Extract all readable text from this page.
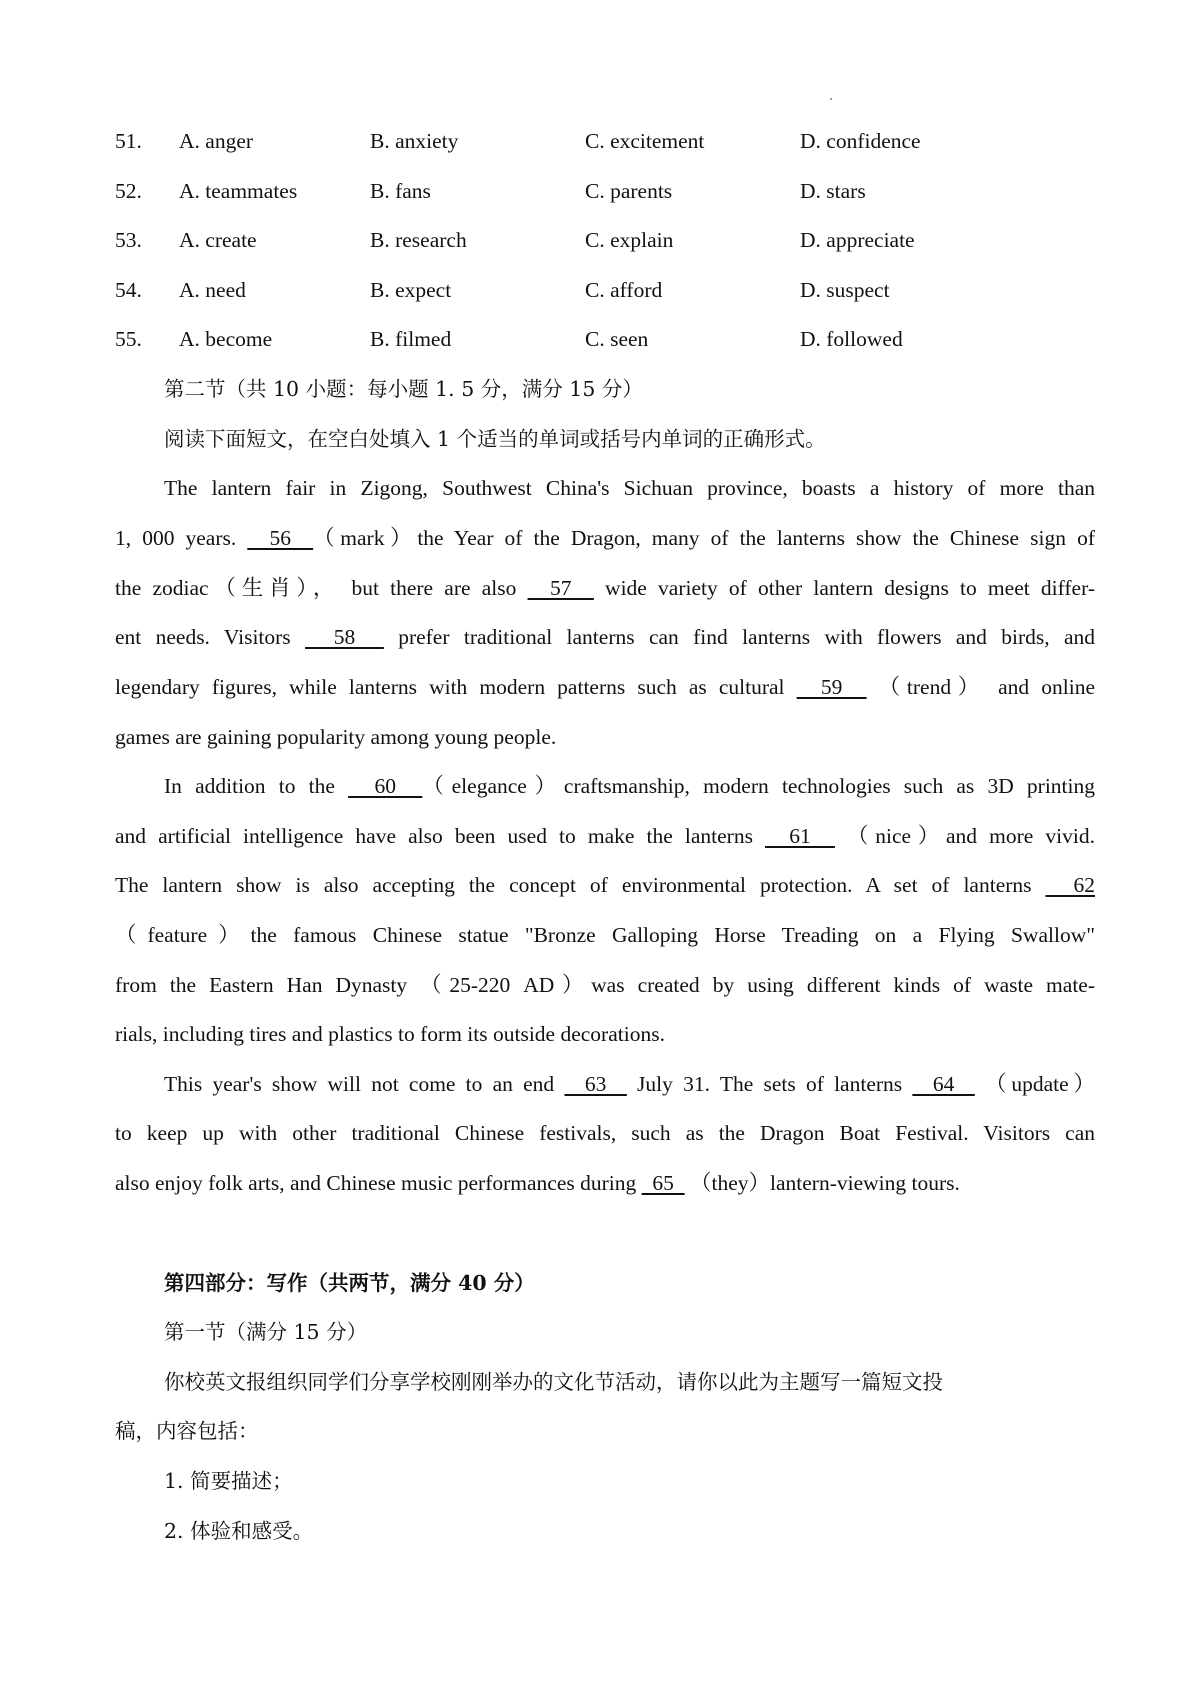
51. A. anger	B. anxiety	C. excitement	D. confidence
52. A. teammates	B. fans	C. parents	D. stars
53. A. create	B. research	C. explain	D. appreciate
54. A. need	B. expect	C. afford	D. suspect
55. A. become	B. filmed	C. seen	D. followed
第二节（共 10 小题：每小题 1. 5 分，满分 15 分）
阅读下面短文，在空白处填入 1 个适当的单词或括号内单词的正确形式。
The lantern fair in Zigong, Southwest China's Sichuan province, boasts a history of more than
1, 000 years.   56  （mark）the Year of the Dragon, many of the lanterns show the Chinese sign of
the zodiac（生肖）， but there are also   57   wide variety of other lantern designs to meet differ-
ent needs. Visitors   58   prefer traditional lanterns can find lanterns with flowers and birds, and
legendary figures, while lanterns with modern patterns such as cultural   59   （trend） and online
games are gaining popularity among young people.
In addition to the   60  （elegance）craftsmanship, modern technologies such as 3D printing
and artificial intelligence have also been used to make the lanterns   61   （nice）and more vivid.
The lantern show is also accepting the concept of environmental protection. A set of lanterns   62
（feature）the famous Chinese statue "Bronze Galloping Horse Treading on a Flying Swallow"
from the Eastern Han Dynasty （25-220 AD）was created by using different kinds of waste mate-
rials, including tires and plastics to form its outside decorations.
This year's show will not come to an end   63   July 31. The sets of lanterns   64   （update）
to keep up with other traditional Chinese festivals, such as the Dragon Boat Festival. Visitors can
also enjoy folk arts, and Chinese music performances during   65   （they）lantern-viewing tours.
第四部分：写作（共两节，满分 40 分）
第一节（满分 15 分）
你校英文报组织同学们分享学校刚刚举办的文化节活动，请你以此为主题写一篇短文投
稿，内容包括：
1. 简要描述；
2. 体验和感受。
